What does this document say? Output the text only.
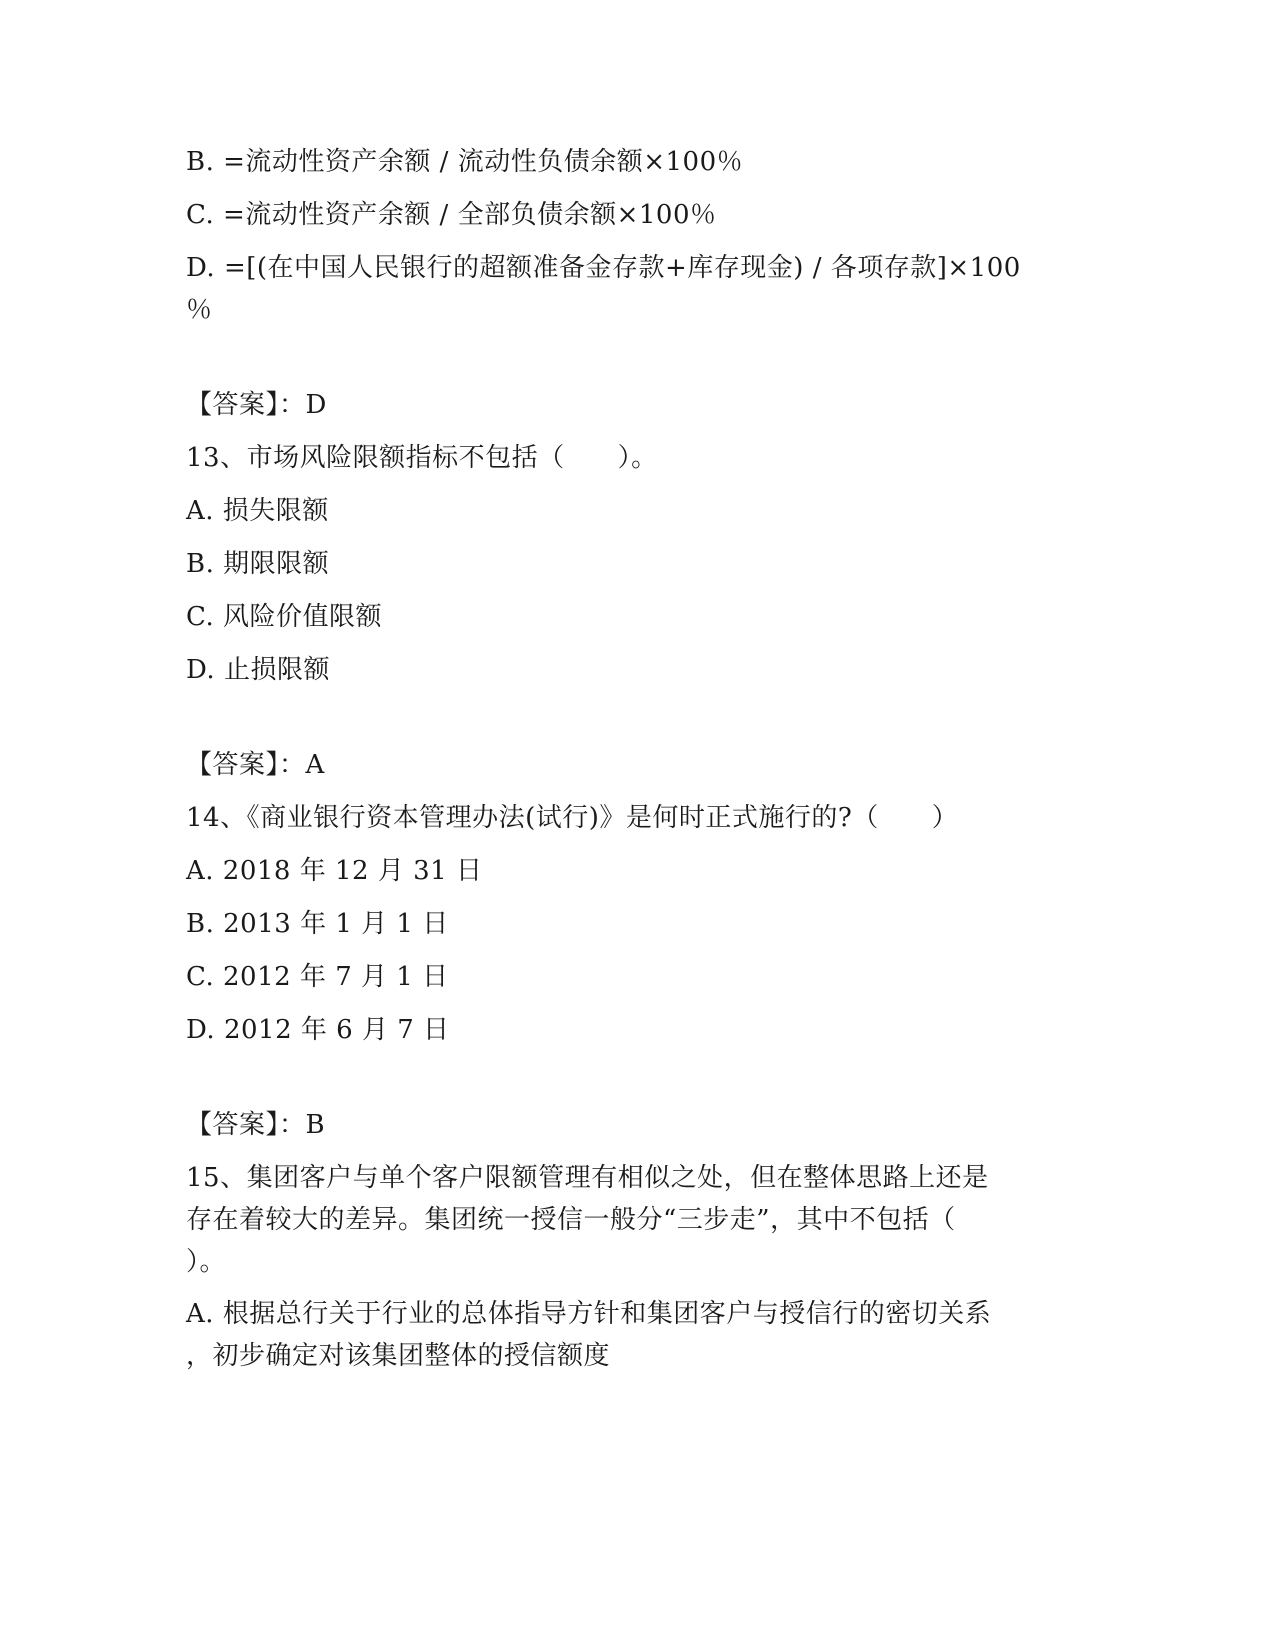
B. =流动性资产余额 / 流动性负债余额×100％
C. =流动性资产余额 / 全部负债余额×100％
D. =[(在中国人民银行的超额准备金存款+库存现金) / 各项存款]×100
％
【答案】：D
13、市场风险限额指标不包括（　　）。
A. 损失限额
B. 期限限额
C. 风险价值限额
D. 止损限额
【答案】：A
14、《商业银行资本管理办法(试行)》是何时正式施行的?（　　）
A. 2018 年 12 月 31 日
B. 2013 年 1 月 1 日
C. 2012 年 7 月 1 日
D. 2012 年 6 月 7 日
【答案】：B
15、集团客户与单个客户限额管理有相似之处，但在整体思路上还是
存在着较大的差异。集团统一授信一般分“三步走”，其中不包括（
）。
A. 根据总行关于行业的总体指导方针和集团客户与授信行的密切关系
，初步确定对该集团整体的授信额度
